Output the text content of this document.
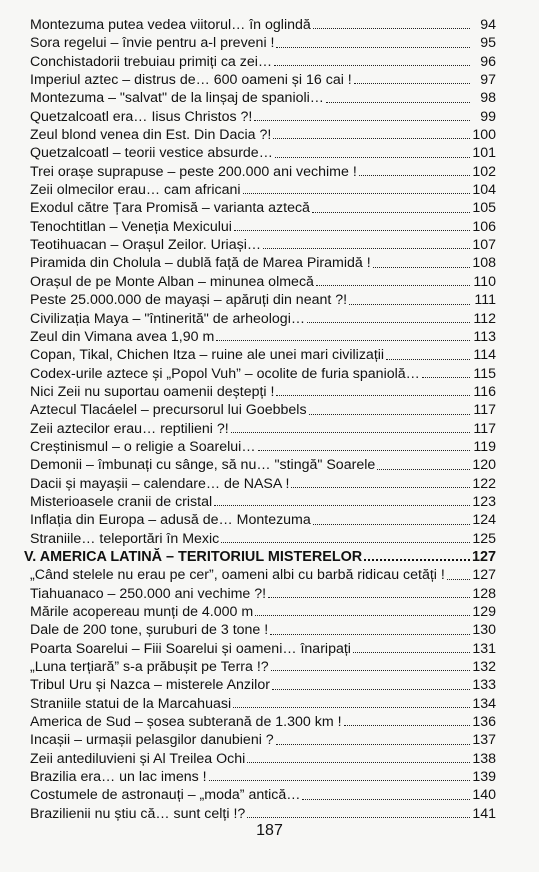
Montezuma putea vedea viitorul… în oglindă	94
Sora regelui – învie pentru a-l preveni !	95
Conchistadorii trebuiau primiți ca zei…	96
Imperiul aztec – distrus de… 600 oameni și 16 cai !	97
Montezuma – "salvat" de la linșaj de spanioli…	98
Quetzalcoatl era… Iisus Christos ?!	99
Zeul blond venea din Est. Din Dacia ?!	100
Quetzalcoatl – teorii vestice absurde…	101
Trei orașe suprapuse – peste 200.000 ani vechime !	102
Zeii olmecilor erau… cam africani	104
Exodul către Țara Promisă – varianta aztecă	105
Tenochtitlan – Veneția Mexicului	106
Teotihuacan – Orașul Zeilor. Uriași…	107
Piramida din Cholula – dublă față de Marea Piramidă !	108
Orașul de pe Monte Alban – minunea olmecă	110
Peste 25.000.000 de mayași – apăruți din neant ?!	111
Civilizația Maya – "întinerită" de arheologi…	112
Zeul din Vimana avea 1,90 m	113
Copan, Tikal, Chichen Itza – ruine ale unei mari civilizații	114
Codex-urile aztece și „Popol Vuh” – ocolite de furia spaniolă…	115
Nici Zeii nu suportau oamenii deștepți !	116
Aztecul Tlacáelel – precursorul lui Goebbels	117
Zeii aztecilor erau… reptilieni ?!	117
Creștinismul – o religie a Soarelui…	119
Demonii – îmbunați cu sânge, să nu… "stingă" Soarele	120
Dacii și mayașii – calendare… de NASA !	122
Misterioasele cranii de cristal	123
Inflația din Europa – adusă de… Montezuma	124
Straniile… teleportări în Mexic	125
V. AMERICA LATINĂ – TERITORIUL MISTERELOR	127
„Când stelele nu erau pe cer”, oameni albi cu barbă ridicau cetăți ! 127
Tiahuanaco – 250.000 ani vechime ?!	128
Mările acopereau munți de 4.000 m	129
Dale de 200 tone, șuruburi de 3 tone !	130
Poarta Soarelui – Fiii Soarelui și oameni… înaripați	131
„Luna terțiară” s-a prăbușit pe Terra !?	132
Tribul Uru și Nazca – misterele Anzilor	133
Straniile statui de la Marcahuasi	134
America de Sud – șosea subterană de 1.300 km !	136
Incașii – urmașii pelasgilor danubieni ?	137
Zeii antediluvieni și Al Treilea Ochi	138
Brazilia era… un lac imens !	139
Costumele de astronauți – „moda” antică…	140
Brazilienii nu știu că… sunt celți !?	141
187
